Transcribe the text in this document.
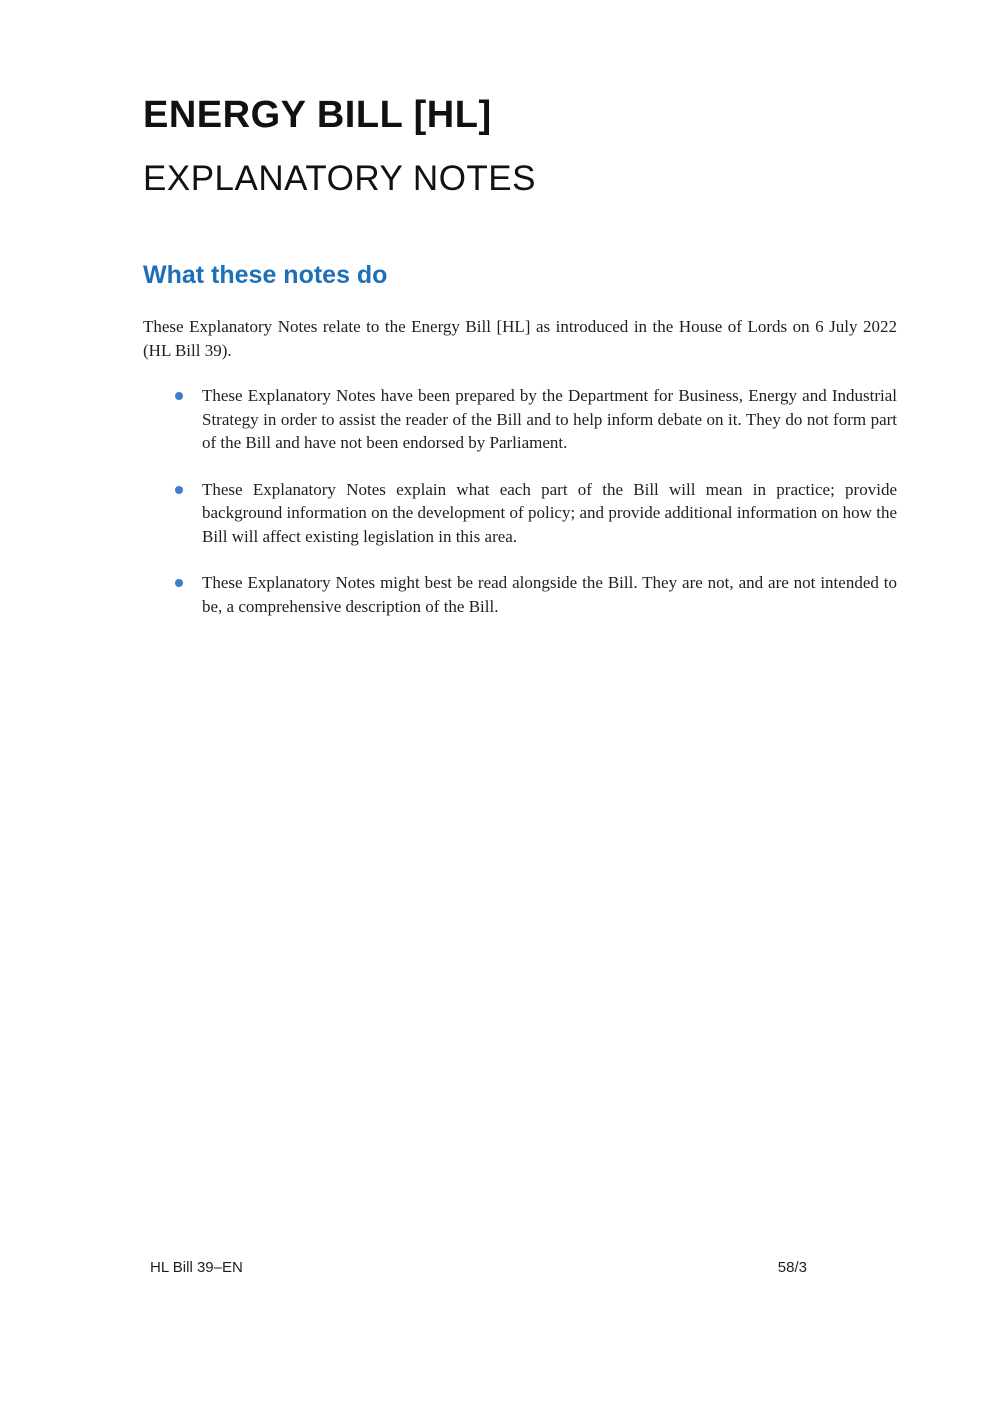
ENERGY BILL [HL]
EXPLANATORY NOTES
What these notes do

These Explanatory Notes relate to the Energy Bill [HL] as introduced in the House of Lords on 6 July 2022 (HL Bill 39).

These Explanatory Notes have been prepared by the Department for Business, Energy and Industrial Strategy in order to assist the reader of the Bill and to help inform debate on it. They do not form part of the Bill and have not been endorsed by Parliament.
These Explanatory Notes explain what each part of the Bill will mean in practice; provide background information on the development of policy; and provide additional information on how the Bill will affect existing legislation in this area.
These Explanatory Notes might best be read alongside the Bill. They are not, and are not intended to be, a comprehensive description of the Bill.
HL Bill 39–EN	58/3
